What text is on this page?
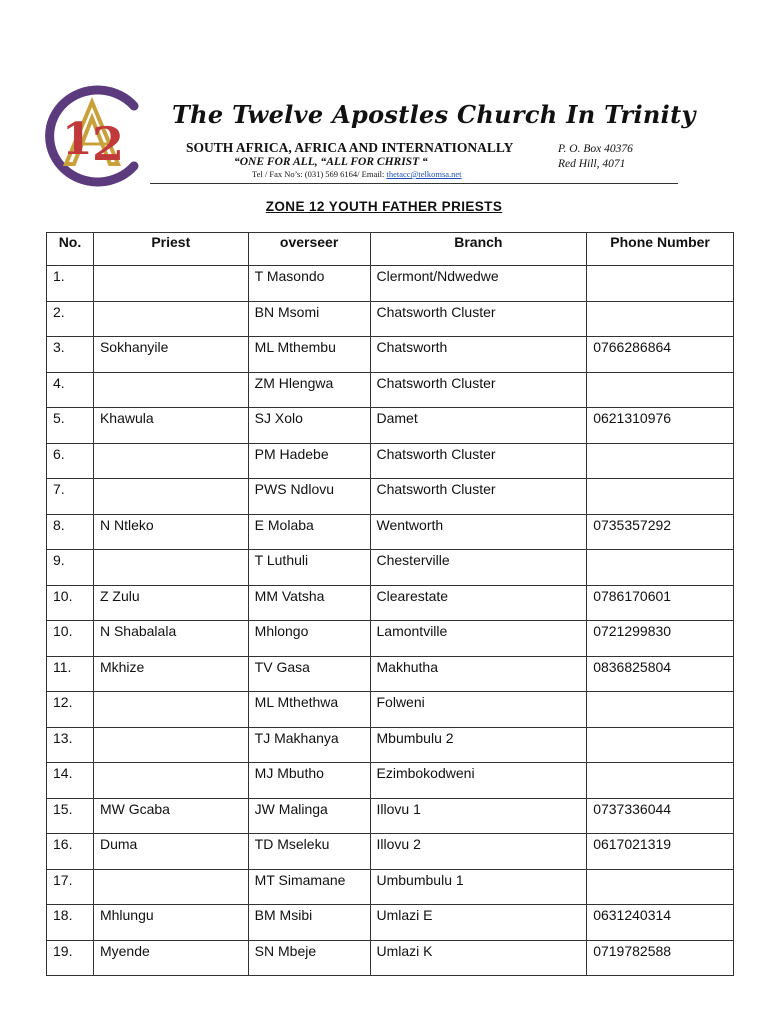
1 2
The Twelve Apostles Church In Trinity
SOUTH AFRICA, AFRICA AND INTERNATIONALLY
“ONE FOR ALL, “ALL FOR CHRIST “
P. O. Box 40376
Red Hill, 4071
Tel / Fax No’s: (031) 569 6164/ Email: thetacc@telkomsa.net
ZONE 12 YOUTH FATHER PRIESTS
No.	Priest	overseer	Branch	Phone Number
1.		T Masondo	Clermont/Ndwedwe	
2.		BN Msomi	Chatsworth Cluster	
3.	Sokhanyile	ML Mthembu	Chatsworth	0766286864
4.		ZM Hlengwa	Chatsworth Cluster	
5.	Khawula	SJ Xolo	Damet	0621310976
6.		PM Hadebe	Chatsworth Cluster	
7.		PWS Ndlovu	Chatsworth Cluster	
8.	N Ntleko	E Molaba	Wentworth	0735357292
9.		T Luthuli	Chesterville	
10.	Z Zulu	MM Vatsha	Clearestate	0786170601
10.	N Shabalala	Mhlongo	Lamontville	0721299830
11.	Mkhize	TV Gasa	Makhutha	0836825804
12.		ML Mthethwa	Folweni	
13.		TJ Makhanya	Mbumbulu 2	
14.		MJ Mbutho	Ezimbokodweni	
15.	MW Gcaba	JW Malinga	Illovu 1	0737336044
16.	Duma	TD Mseleku	Illovu 2	0617021319
17.		MT Simamane	Umbumbulu 1	
18.	Mhlungu	BM Msibi	Umlazi E	0631240314
19.	Myende	SN Mbeje	Umlazi K	0719782588
